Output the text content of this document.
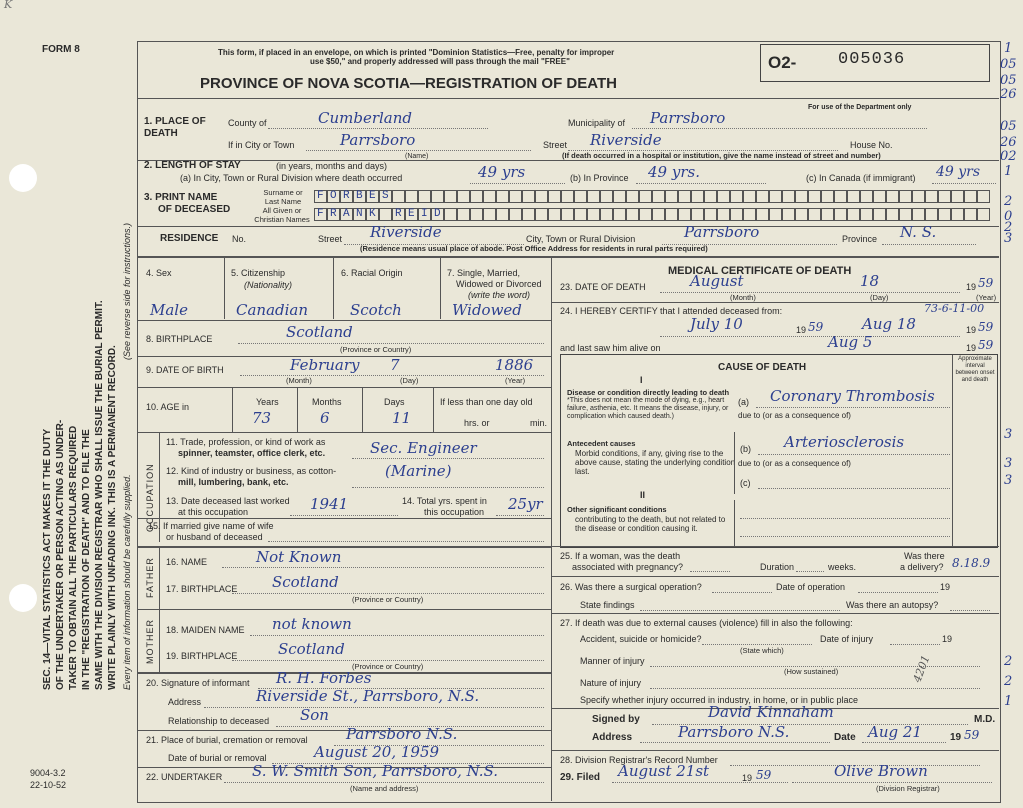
FORM 8
K
SEC. 14—VITAL STATISTICS ACT MAKES IT THE DUTY OF THE UNDERTAKER OR PERSON ACTING AS UNDER- TAKER TO OBTAIN ALL THE PARTICULARS REQUIRED IN THE "REGISTRATION OF DEATH" AND TO FILE THE SAME WITH THE DIVISION REGISTRAR WHO SHALL ISSUE THE BURIAL PERMIT. WRITE PLAINLY WITH UNFADING INK. THIS IS A PERMANENT RECORD. Every item of information should be carefully supplied.
(See reverse side for instructions.)
9004-3.2
22-10-52
This form, if placed in an envelope, on which is printed "Dominion Statistics—Free, penalty for improper
use $50," and properly addressed will pass through the mail "FREE"
PROVINCE OF NOVA SCOTIA—REGISTRATION OF DEATH
O2- 005036
For use of the Department only
1. PLACE OF DEATH
County of	Cumberland	Municipality of Parrsboro
If in City or Town	Parrsboro
(Name)
Street Riverside	House No.
(If death occurred in a hospital or institution, give the name instead of street and number)
2. LENGTH OF STAY	(in years, months and days)
(a) In City, Town or Rural Division where death occurred	49 yrs	(b) In Province 49 yrs.	(c) In Canada (if immigrant) 49 yrs
3. PRINT NAME
OF DECEASED
Surname or Last Name
All Given or Christian Names
FORBES
FRANK REID
RESIDENCE No.	Street Riverside	City, Town or Rural Division	Parrsboro	Province N. S.
(Residence means usual place of abode. Post Office Address for residents in rural parts required)
4. Sex
Male
5. Citizenship
(Nationality)
Canadian
6. Racial Origin
Scotch
7. Single, Married,
Widowed or Divorced
(write the word)
Widowed
8. BIRTHPLACE	Scotland
(Province or Country)
9. DATE OF BIRTH	February 7	1886
(Month)	(Day)	(Year)
10. AGE in	Years	Months	Days
73	6	11
If less than one day old
hrs. or	min.
OCCUPATION
11. Trade, profession, or kind of work as
spinner, teamster, office clerk, etc.	Sec. Engineer
12. Kind of industry or business, as cotton-
mill, lumbering, bank, etc.
(Marine)
13. Date deceased last worked
at this occupation	1941	14. Total yrs. spent in
this occupation 25yr
15. If married give name of wife
or husband of deceased
FATHER 16. NAME	Not Known
17. BIRTHPLACE Scotland
(Province or Country)
MOTHER 18. MAIDEN NAME not known
19. BIRTHPLACE	Scotland
(Province or Country)
20. Signature of informant R. H. Forbes
Address	Riverside St., Parrsboro, N.S.
Relationship to deceased Son
21. Place of burial, cremation or removal	Parrsboro N.S.
Date of burial or removal	August 20, 1959
22. UNDERTAKER S. W. Smith Son, Parrsboro, N.S.
(Name and address)
MEDICAL CERTIFICATE OF DEATH
23. DATE OF DEATH	August	18	19 59
(Month)	(Day)	(Year)
24. I HEREBY CERTIFY that I attended deceased from:	73-6-11-00
July 10	19 59	Aug 18	19 59
and last saw him alive on	Aug 5	19 59
CAUSE OF DEATH
Approximate interval between onset and death
I
Disease or condition directly leading to death
*This does not mean the mode of dying, e.g., heart failure, asthenia, etc. It means the disease, injury, or complication which caused death.)
(a) Coronary Thrombosis
due to (or as a consequence of)
Antecedent causes
Morbid conditions, if any, giving rise to the above cause, stating the underlying condition last.
(b) Arteriosclerosis
due to (or as a consequence of)
(c)
II
Other significant conditions
contributing to the death, but not related to the disease or condition causing it.
25. If a woman, was the death
associated with pregnancy?	Duration	weeks.
Was there
a delivery? 8.18.9
26. Was there a surgical operation?	Date of operation	19
State findings	Was there an autopsy?
27. If death was due to external causes (violence) fill in also the following:
Accident, suicide or homicide?
(State which)
Date of injury	19
Manner of injury
(How sustained)
Nature of injury	4201
Specify whether injury occurred in industry, in home, or in public place
Signed by	David Kinnaham	M.D.
Address	Parrsboro N.S.	Date Aug 21	19 59
28. Division Registrar's Record Number
29. Filed August 21st	19 59	Olive Brown
(Division Registrar)
1
05
05
26
05
26
02
1
2
0
2
3
3
3
3
2
2
1
